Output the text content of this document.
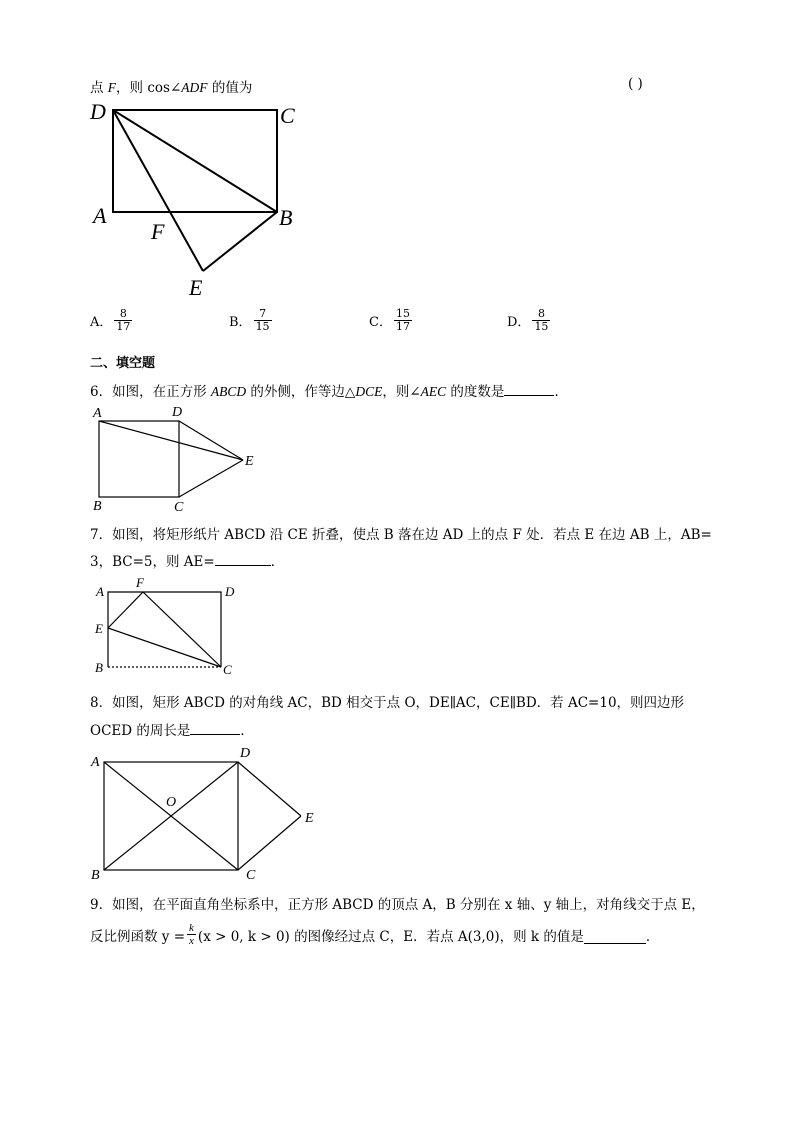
点 F，则 cos∠ADF 的值为	( )
D	C
A	B
F
E
A． $\frac{8}{17}$	B． $\frac{7}{15}$	C． $\frac{15}{17}$	D． $\frac{8}{15}$
二、填空题
6．如图，在正方形 ABCD 的外侧，作等边△DCE，则∠AEC 的度数是	．
A	D
B	C
E
7．如图，将矩形纸片 ABCD 沿 CE 折叠，使点 B 落在边 AD 上的点 F 处．若点 E 在边 AB 上，AB=
3，BC=5，则 AE=	．
A
F
D
E
B	C
8．如图，矩形 ABCD 的对角线 AC，BD 相交于点 O，DE∥AC，CE∥BD．若 AC=10，则四边形
OCED 的周长是	．
A
D
O
E
B	C
9．如图，在平面直角坐标系中，正方形 ABCD 的顶点 A，B 分别在 x 轴、y 轴上，对角线交于点 E，
反比例函数 $y = \frac{k}{x} (x > 0$, k > 0) 的图像经过点 C，E．若点 A(3,0)，则 k 的值是	．
